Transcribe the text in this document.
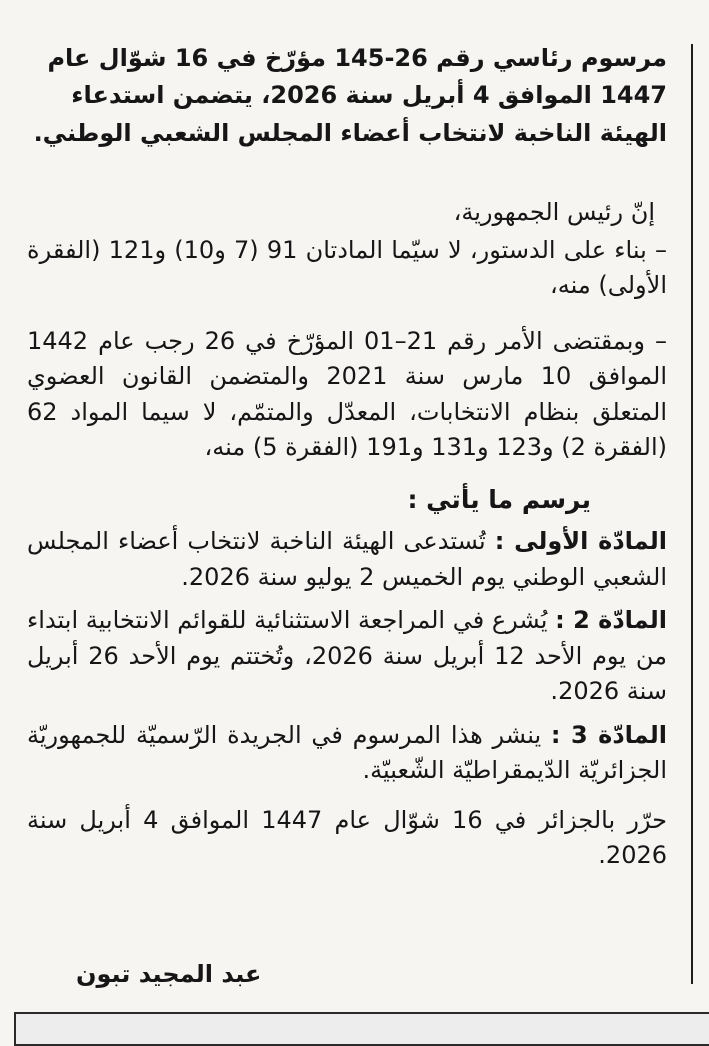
مرسوم رئاسي رقم 26-145 مؤرّخ في 16 شوّال عام 1447 الموافق 4 أبريل سنة 2026، يتضمن استدعاء الهيئة الناخبة لانتخاب أعضاء المجلس الشعبي الوطني.

إنّ رئيس الجمهورية،

– بناء على الدستور، لا سيّما المادتان 91 (7 و10) و121 (الفقرة الأولى) منه،

– وبمقتضى الأمر رقم 21–01 المؤرّخ في 26 رجب عام 1442 الموافق 10 مارس سنة 2021 والمتضمن القانون العضوي المتعلق بنظام الانتخابات، المعدّل والمتمّم، لا سيما المواد 62 (الفقرة 2) و123 و131 و191 (الفقرة 5) منه،

يرسم ما يأتي :

المادّة الأولى : تُستدعى الهيئة الناخبة لانتخاب أعضاء المجلس الشعبي الوطني يوم الخميس 2 يوليو سنة 2026.

المادّة 2 : يُشرع في المراجعة الاستثنائية للقوائم الانتخابية ابتداء من يوم الأحد 12 أبريل سنة 2026، وتُختتم يوم الأحد 26 أبريل سنة 2026.

المادّة 3 : ينشر هذا المرسوم في الجريدة الرّسميّة للجمهوريّة الجزائريّة الدّيمقراطيّة الشّعبيّة.

حرّر بالجزائر في 16 شوّال عام 1447 الموافق 4 أبريل سنة 2026.

عبد المجيد تبون
